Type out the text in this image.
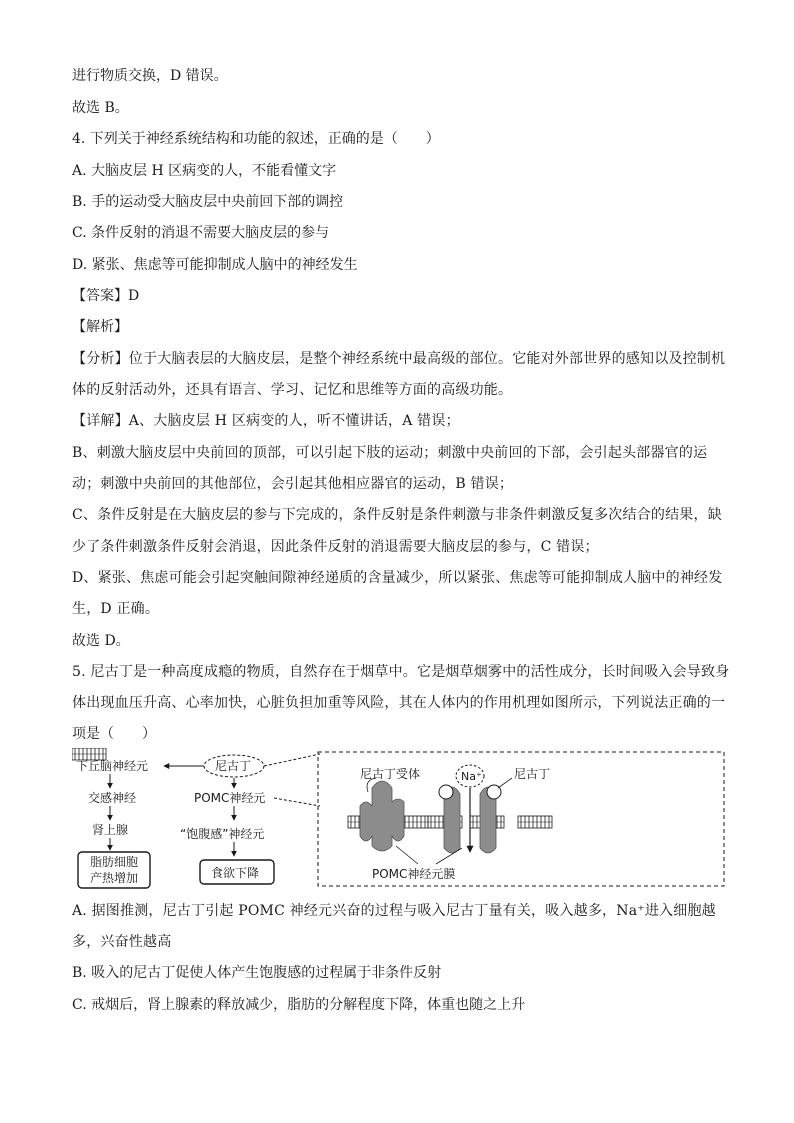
进行物质交换，D 错误。
故选 B。
4. 下列关于神经系统结构和功能的叙述，正确的是（　　）
A. 大脑皮层 H 区病变的人，不能看懂文字
B. 手的运动受大脑皮层中央前回下部的调控
C. 条件反射的消退不需要大脑皮层的参与
D. 紧张、焦虑等可能抑制成人脑中的神经发生
【答案】D
【解析】
【分析】位于大脑表层的大脑皮层，是整个神经系统中最高级的部位。它能对外部世界的感知以及控制机
体的反射活动外，还具有语言、学习、记忆和思维等方面的高级功能。
【详解】A、大脑皮层 H 区病变的人，听不懂讲话，A 错误；
B、刺激大脑皮层中央前回的顶部，可以引起下肢的运动；刺激中央前回的下部，会引起头部器官的运
动；刺激中央前回的其他部位，会引起其他相应器官的运动，B 错误；
C、条件反射是在大脑皮层的参与下完成的，条件反射是条件刺激与非条件刺激反复多次结合的结果，缺
少了条件刺激条件反射会消退，因此条件反射的消退需要大脑皮层的参与，C 错误；
D、紧张、焦虑可能会引起突触间隙神经递质的含量减少，所以紧张、焦虑等可能抑制成人脑中的神经发
生，D 正确。
故选 D。
5. 尼古丁是一种高度成瘾的物质，自然存在于烟草中。它是烟草烟雾中的活性成分，长时间吸入会导致身
体出现血压升高、心率加快，心脏负担加重等风险，其在人体内的作用机理如图所示，下列说法正确的一
项是（　　）
下丘脑神经元
交感神经
肾上腺
脂肪细胞
产热增加
尼古丁
POMC神经元
“饱腹感”神经元
食欲下降
尼古丁受体	Na⁺	尼古丁
POMC神经元膜
A. 据图推测，尼古丁引起 POMC 神经元兴奋的过程与吸入尼古丁量有关，吸入越多，Na⁺进入细胞越
多，兴奋性越高
B. 吸入的尼古丁促使人体产生饱腹感的过程属于非条件反射
C. 戒烟后，肾上腺素的释放减少，脂肪的分解程度下降，体重也随之上升
